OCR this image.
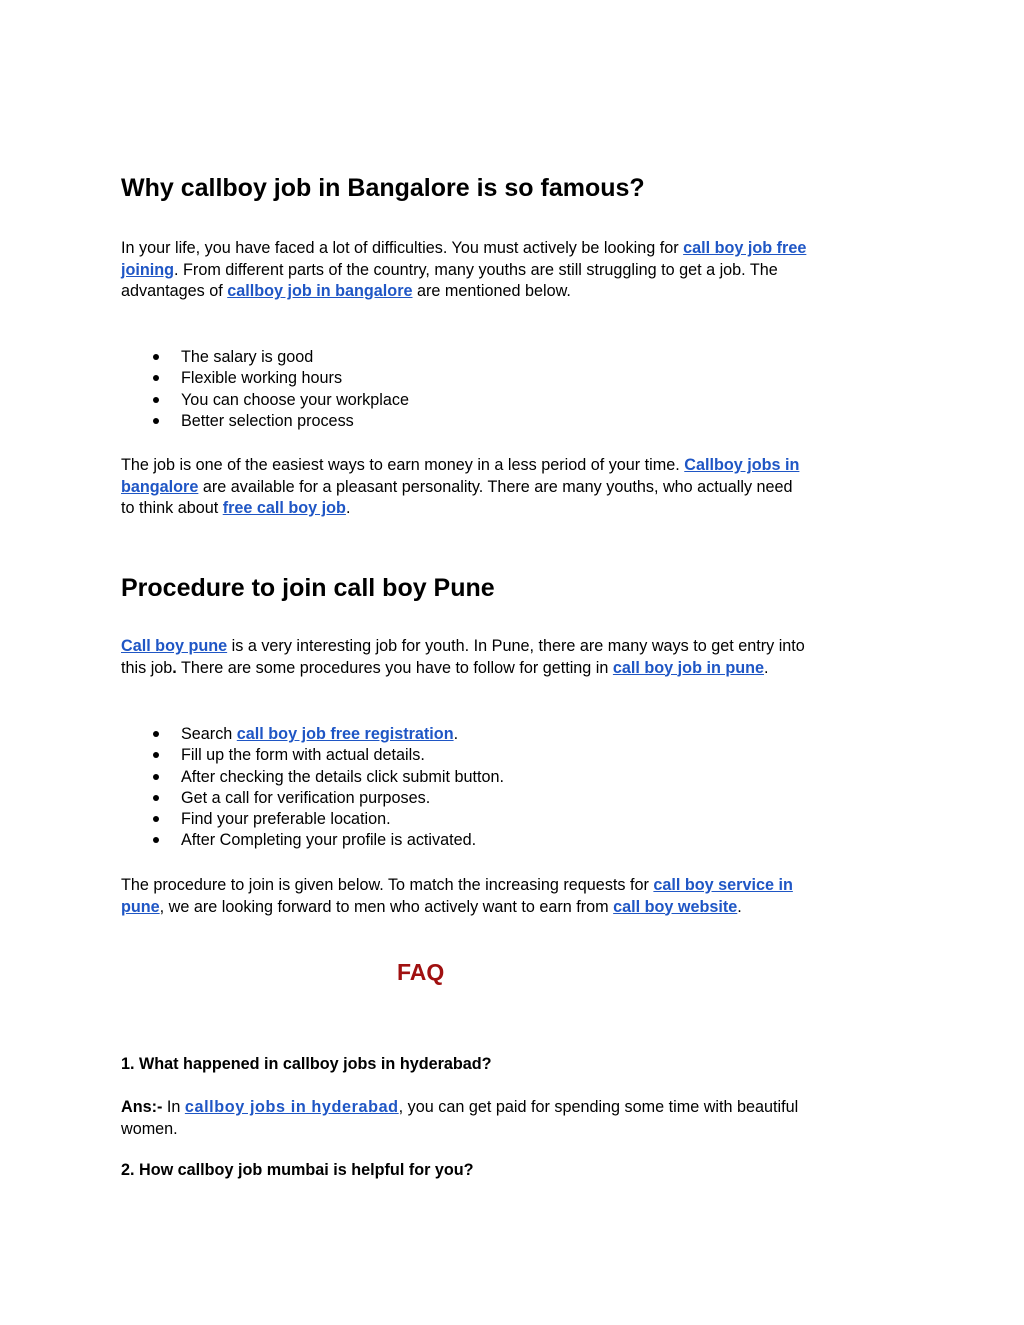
Why callboy job in Bangalore is so famous?
In your life, you have faced a lot of difficulties. You must actively be looking for call boy job free
joining. From different parts of the country, many youths are still struggling to get a job. The
advantages of callboy job in bangalore are mentioned below.
The salary is good
Flexible working hours
You can choose your workplace
Better selection process
The job is one of the easiest ways to earn money in a less period of your time. Callboy jobs in
bangalore are available for a pleasant personality. There are many youths, who actually need
to think about free call boy job.
Procedure to join call boy Pune
Call boy pune is a very interesting job for youth. In Pune, there are many ways to get entry into
this job. There are some procedures you have to follow for getting in call boy job in pune.
Search call boy job free registration.
Fill up the form with actual details.
After checking the details click submit button.
Get a call for verification purposes.
Find your preferable location.
After Completing your profile is activated.
The procedure to join is given below. To match the increasing requests for call boy service in
pune, we are looking forward to men who actively want to earn from call boy website.
FAQ
1. What happened in callboy jobs in hyderabad?
Ans:- In callboy jobs in hyderabad, you can get paid for spending some time with beautiful
women.
2. How callboy job mumbai is helpful for you?
